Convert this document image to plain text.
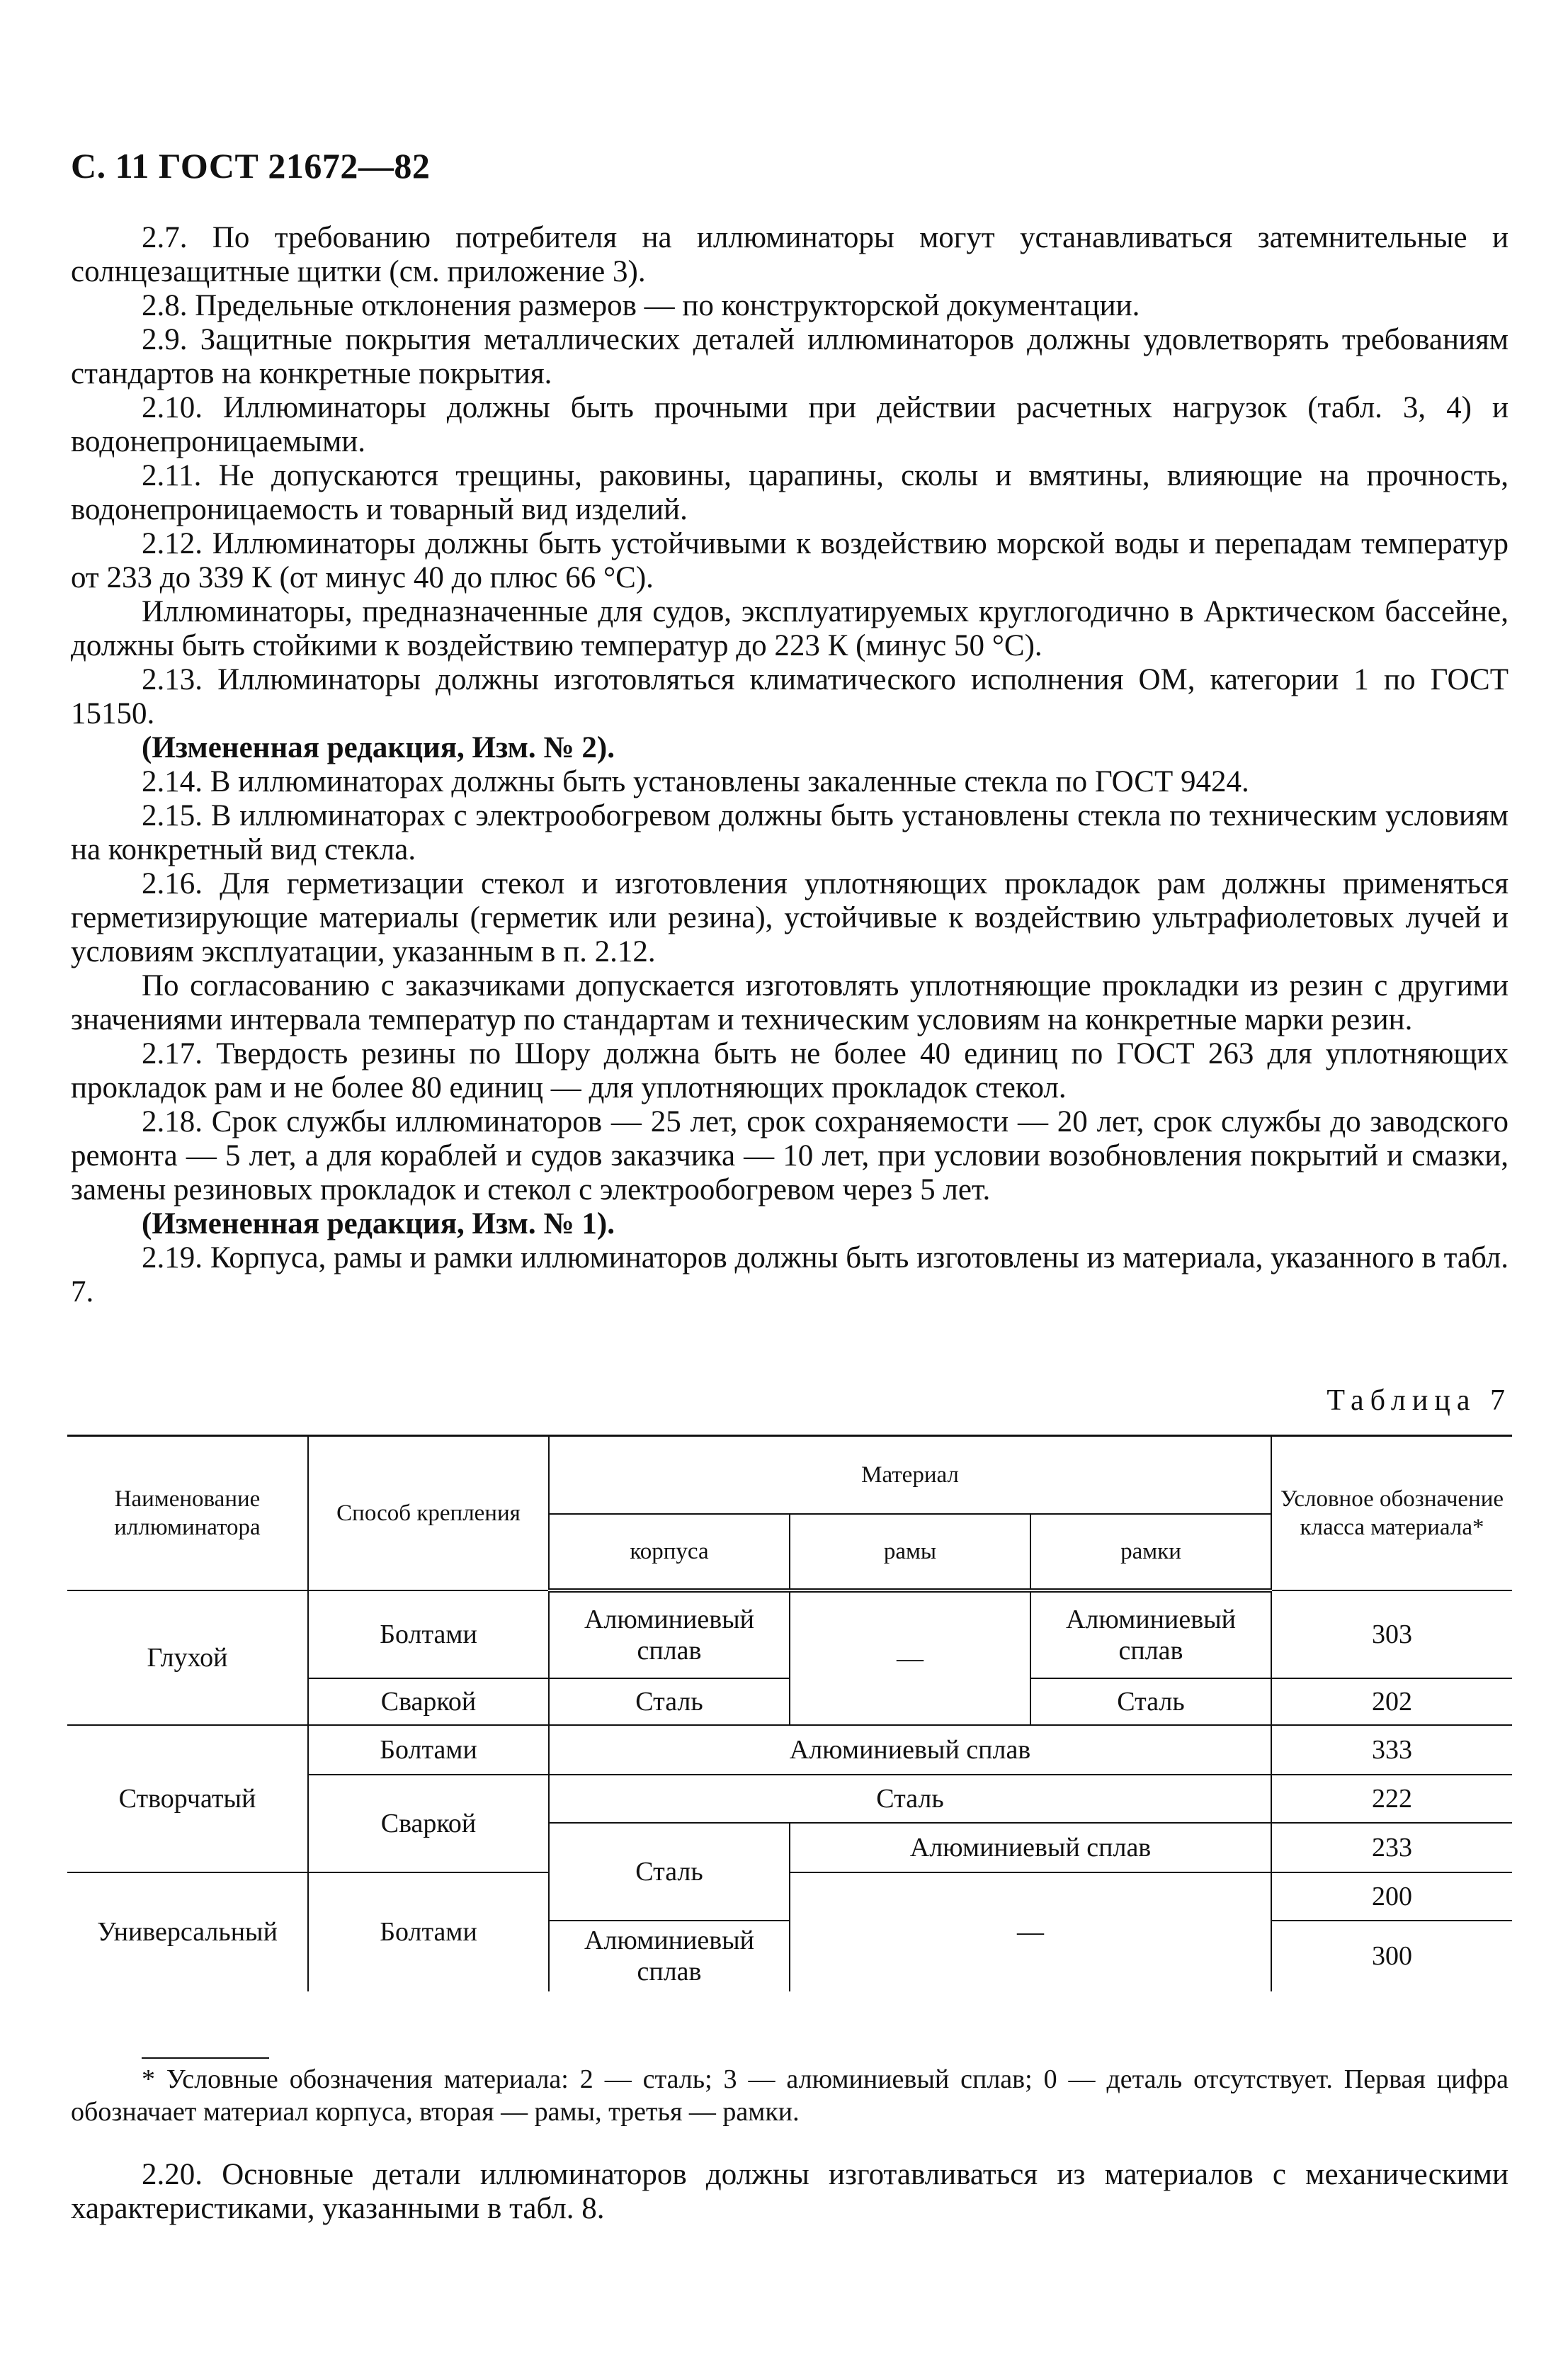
С. 11 ГОСТ 21672—82

2.7. По требованию потребителя на иллюминаторы могут устанавливаться затемнительные и солнцезащитные щитки (см. приложение 3).

2.8. Предельные отклонения размеров — по конструкторской документации.

2.9. Защитные покрытия металлических деталей иллюминаторов должны удовлетворять требованиям стандартов на конкретные покрытия.

2.10. Иллюминаторы должны быть прочными при действии расчетных нагрузок (табл. 3, 4) и водонепроницаемыми.

2.11. Не допускаются трещины, раковины, царапины, сколы и вмятины, влияющие на прочность, водонепроницаемость и товарный вид изделий.

2.12. Иллюминаторы должны быть устойчивыми к воздействию морской воды и перепадам температур от 233 до 339 К (от минус 40 до плюс 66 °С).

Иллюминаторы, предназначенные для судов, эксплуатируемых круглогодично в Арктическом бассейне, должны быть стойкими к воздействию температур до 223 К (минус 50 °С).

2.13. Иллюминаторы должны изготовляться климатического исполнения ОМ, категории 1 по ГОСТ 15150.

(Измененная редакция, Изм. № 2).

2.14. В иллюминаторах должны быть установлены закаленные стекла по ГОСТ 9424.

2.15. В иллюминаторах с электрообогревом должны быть установлены стекла по техническим условиям на конкретный вид стекла.

2.16. Для герметизации стекол и изготовления уплотняющих прокладок рам должны применяться герметизирующие материалы (герметик или резина), устойчивые к воздействию ультрафиолетовых лучей и условиям эксплуатации, указанным в п. 2.12.

По согласованию с заказчиками допускается изготовлять уплотняющие прокладки из резин с другими значениями интервала температур по стандартам и техническим условиям на конкретные марки резин.

2.17. Твердость резины по Шору должна быть не более 40 единиц по ГОСТ 263 для уплотняющих прокладок рам и не более 80 единиц — для уплотняющих прокладок стекол.

2.18. Срок службы иллюминаторов — 25 лет, срок сохраняемости — 20 лет, срок службы до заводского ремонта — 5 лет, а для кораблей и судов заказчика — 10 лет, при условии возобновления покрытий и смазки, замены резиновых прокладок и стекол с электрообогревом через 5 лет.

(Измененная редакция, Изм. № 1).

2.19. Корпуса, рамы и рамки иллюминаторов должны быть изготовлены из материала, указанного в табл. 7.

Таблица 7
Наименование иллюминатора	Способ крепления	Материал			Условное обозначение класса материала*
		корпуса	рамы	рамки	
Глухой	Болтами	Алюминиевый сплав	—	Алюминиевый сплав	303
	Сваркой	Сталь		Сталь	202
Створчатый	Болтами	Алюминиевый сплав			333
	Сваркой	Сталь			222
		Сталь	Алюминиевый сплав		233
Универсальный	Болтами		—		200
		Алюминиевый сплав			300
* Условные обозначения материала: 2 — сталь; 3 — алюминиевый сплав; 0 — деталь отсутствует. Первая цифра обозначает материал корпуса, вторая — рамы, третья — рамки.

2.20. Основные детали иллюминаторов должны изготавливаться из материалов с механическими характеристиками, указанными в табл. 8.
